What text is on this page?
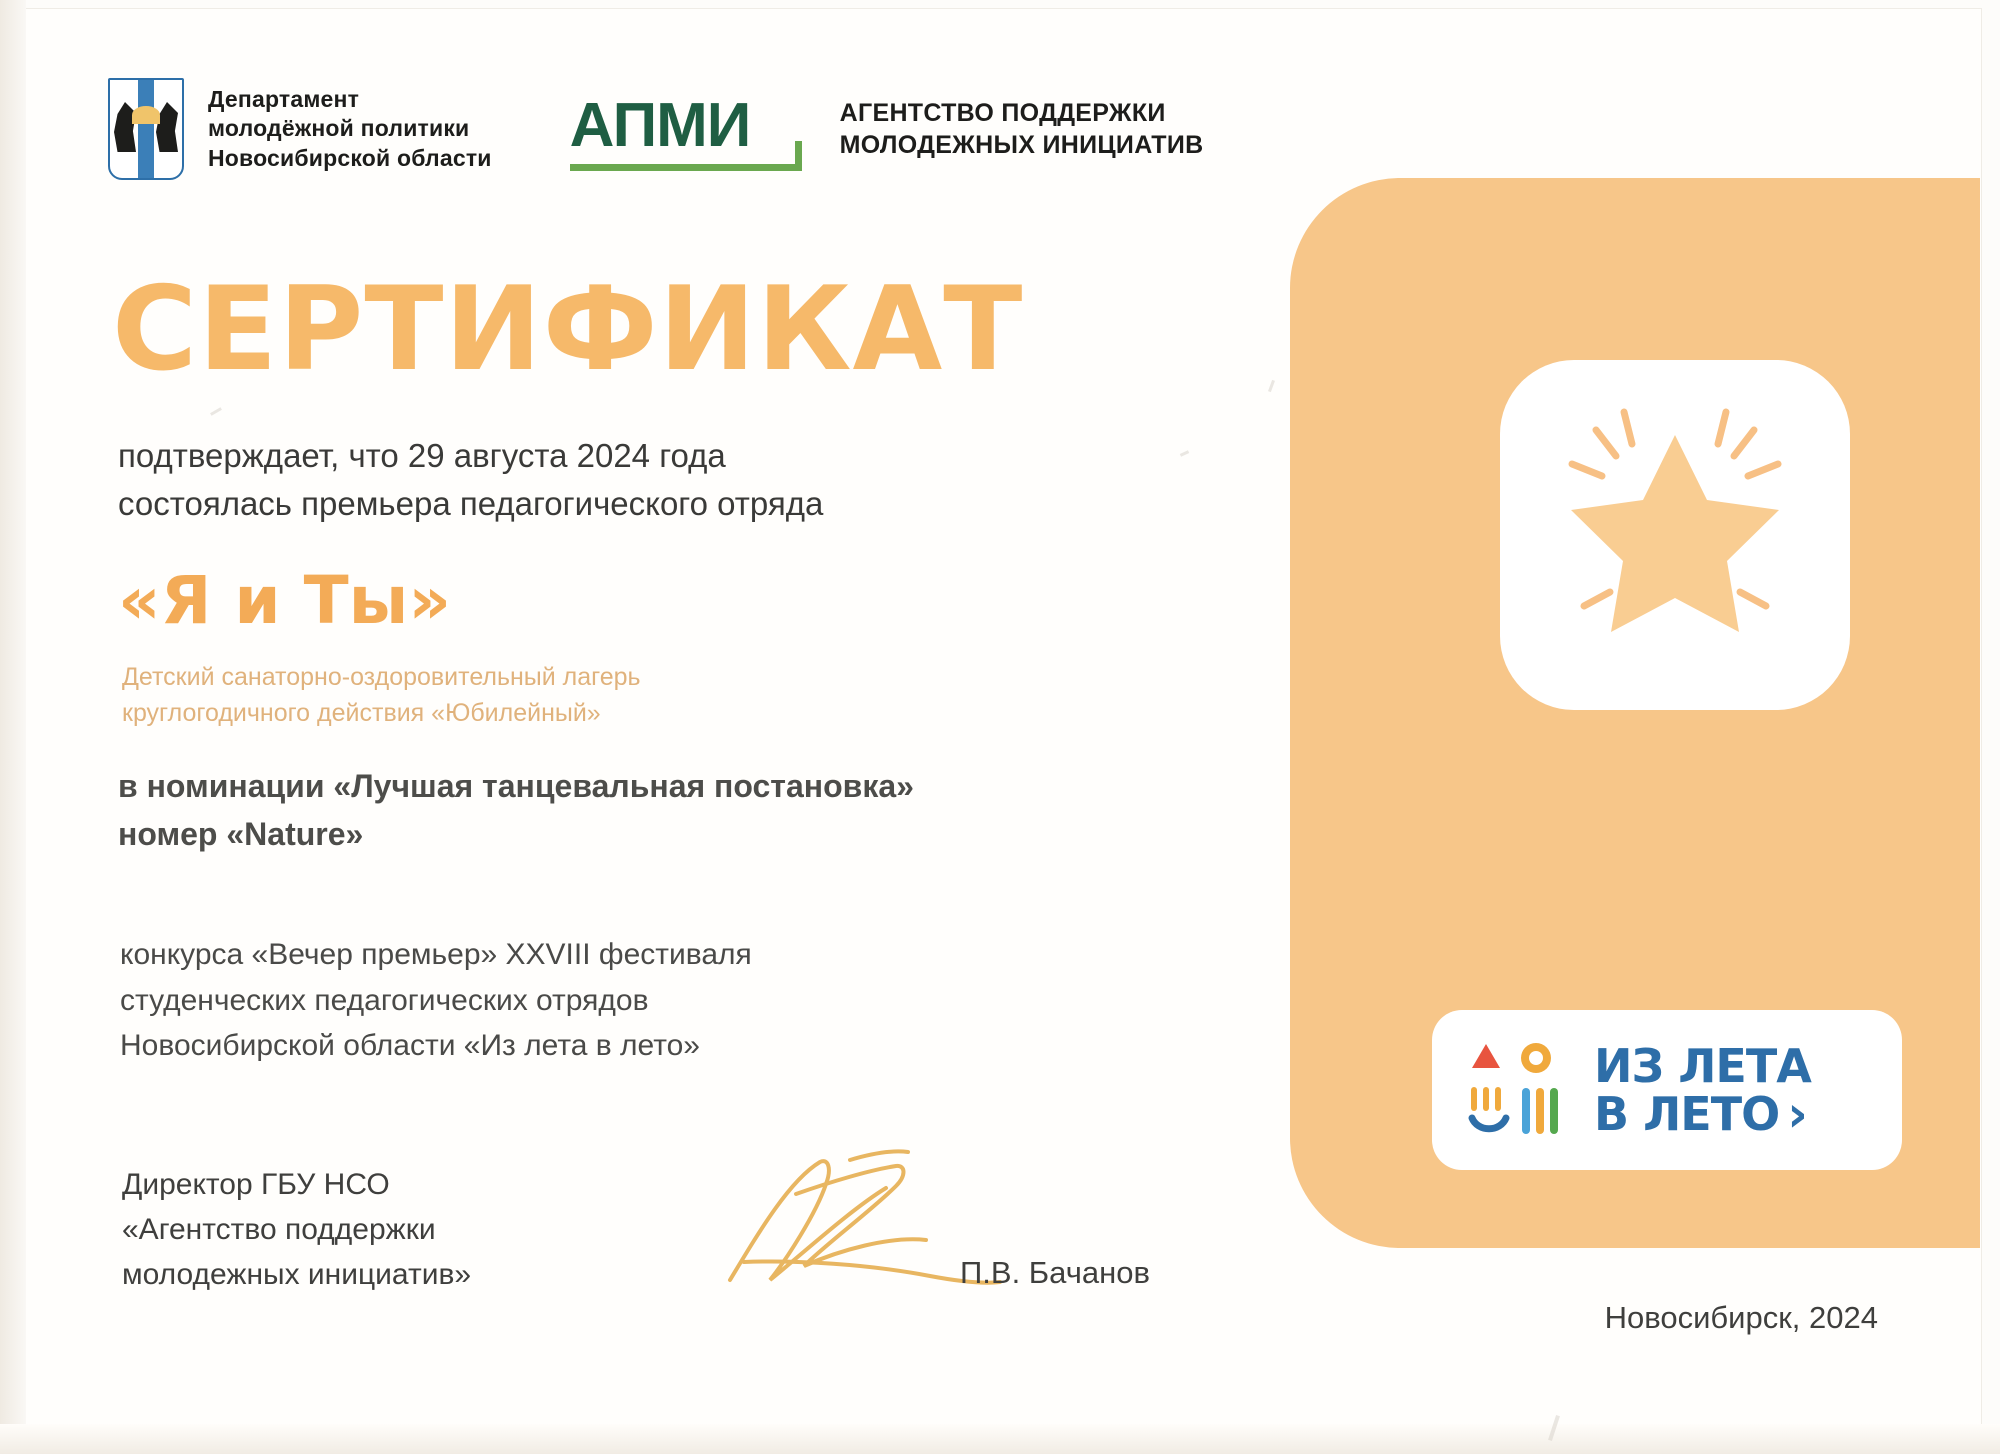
Департамент
молодёжной политики
Новосибирской области АПМИ	АГЕНТСТВО ПОДДЕРЖКИ
МОЛОДЕЖНЫХ ИНИЦИАТИВ
СЕРТИФИКАТ
подтверждает, что 29 августа 2024 года
состоялась премьера педагогического отряда
«Я и Ты»
Детский санаторно-оздоровительный лагерь
круглогодичного действия «Юбилейный»
в номинации «Лучшая танцевальная постановка»
номер «Nature»
конкурса «Вечер премьер» XXVIII фестиваля
студенческих педагогических отрядов
Новосибирской области «Из лета в лето»
Директор ГБУ НСО
«Агентство поддержки
молодежных инициатив»	П.В. Бачанов
Новосибирск, 2024
ИЗ ЛЕТА
В ЛЕТО ›
